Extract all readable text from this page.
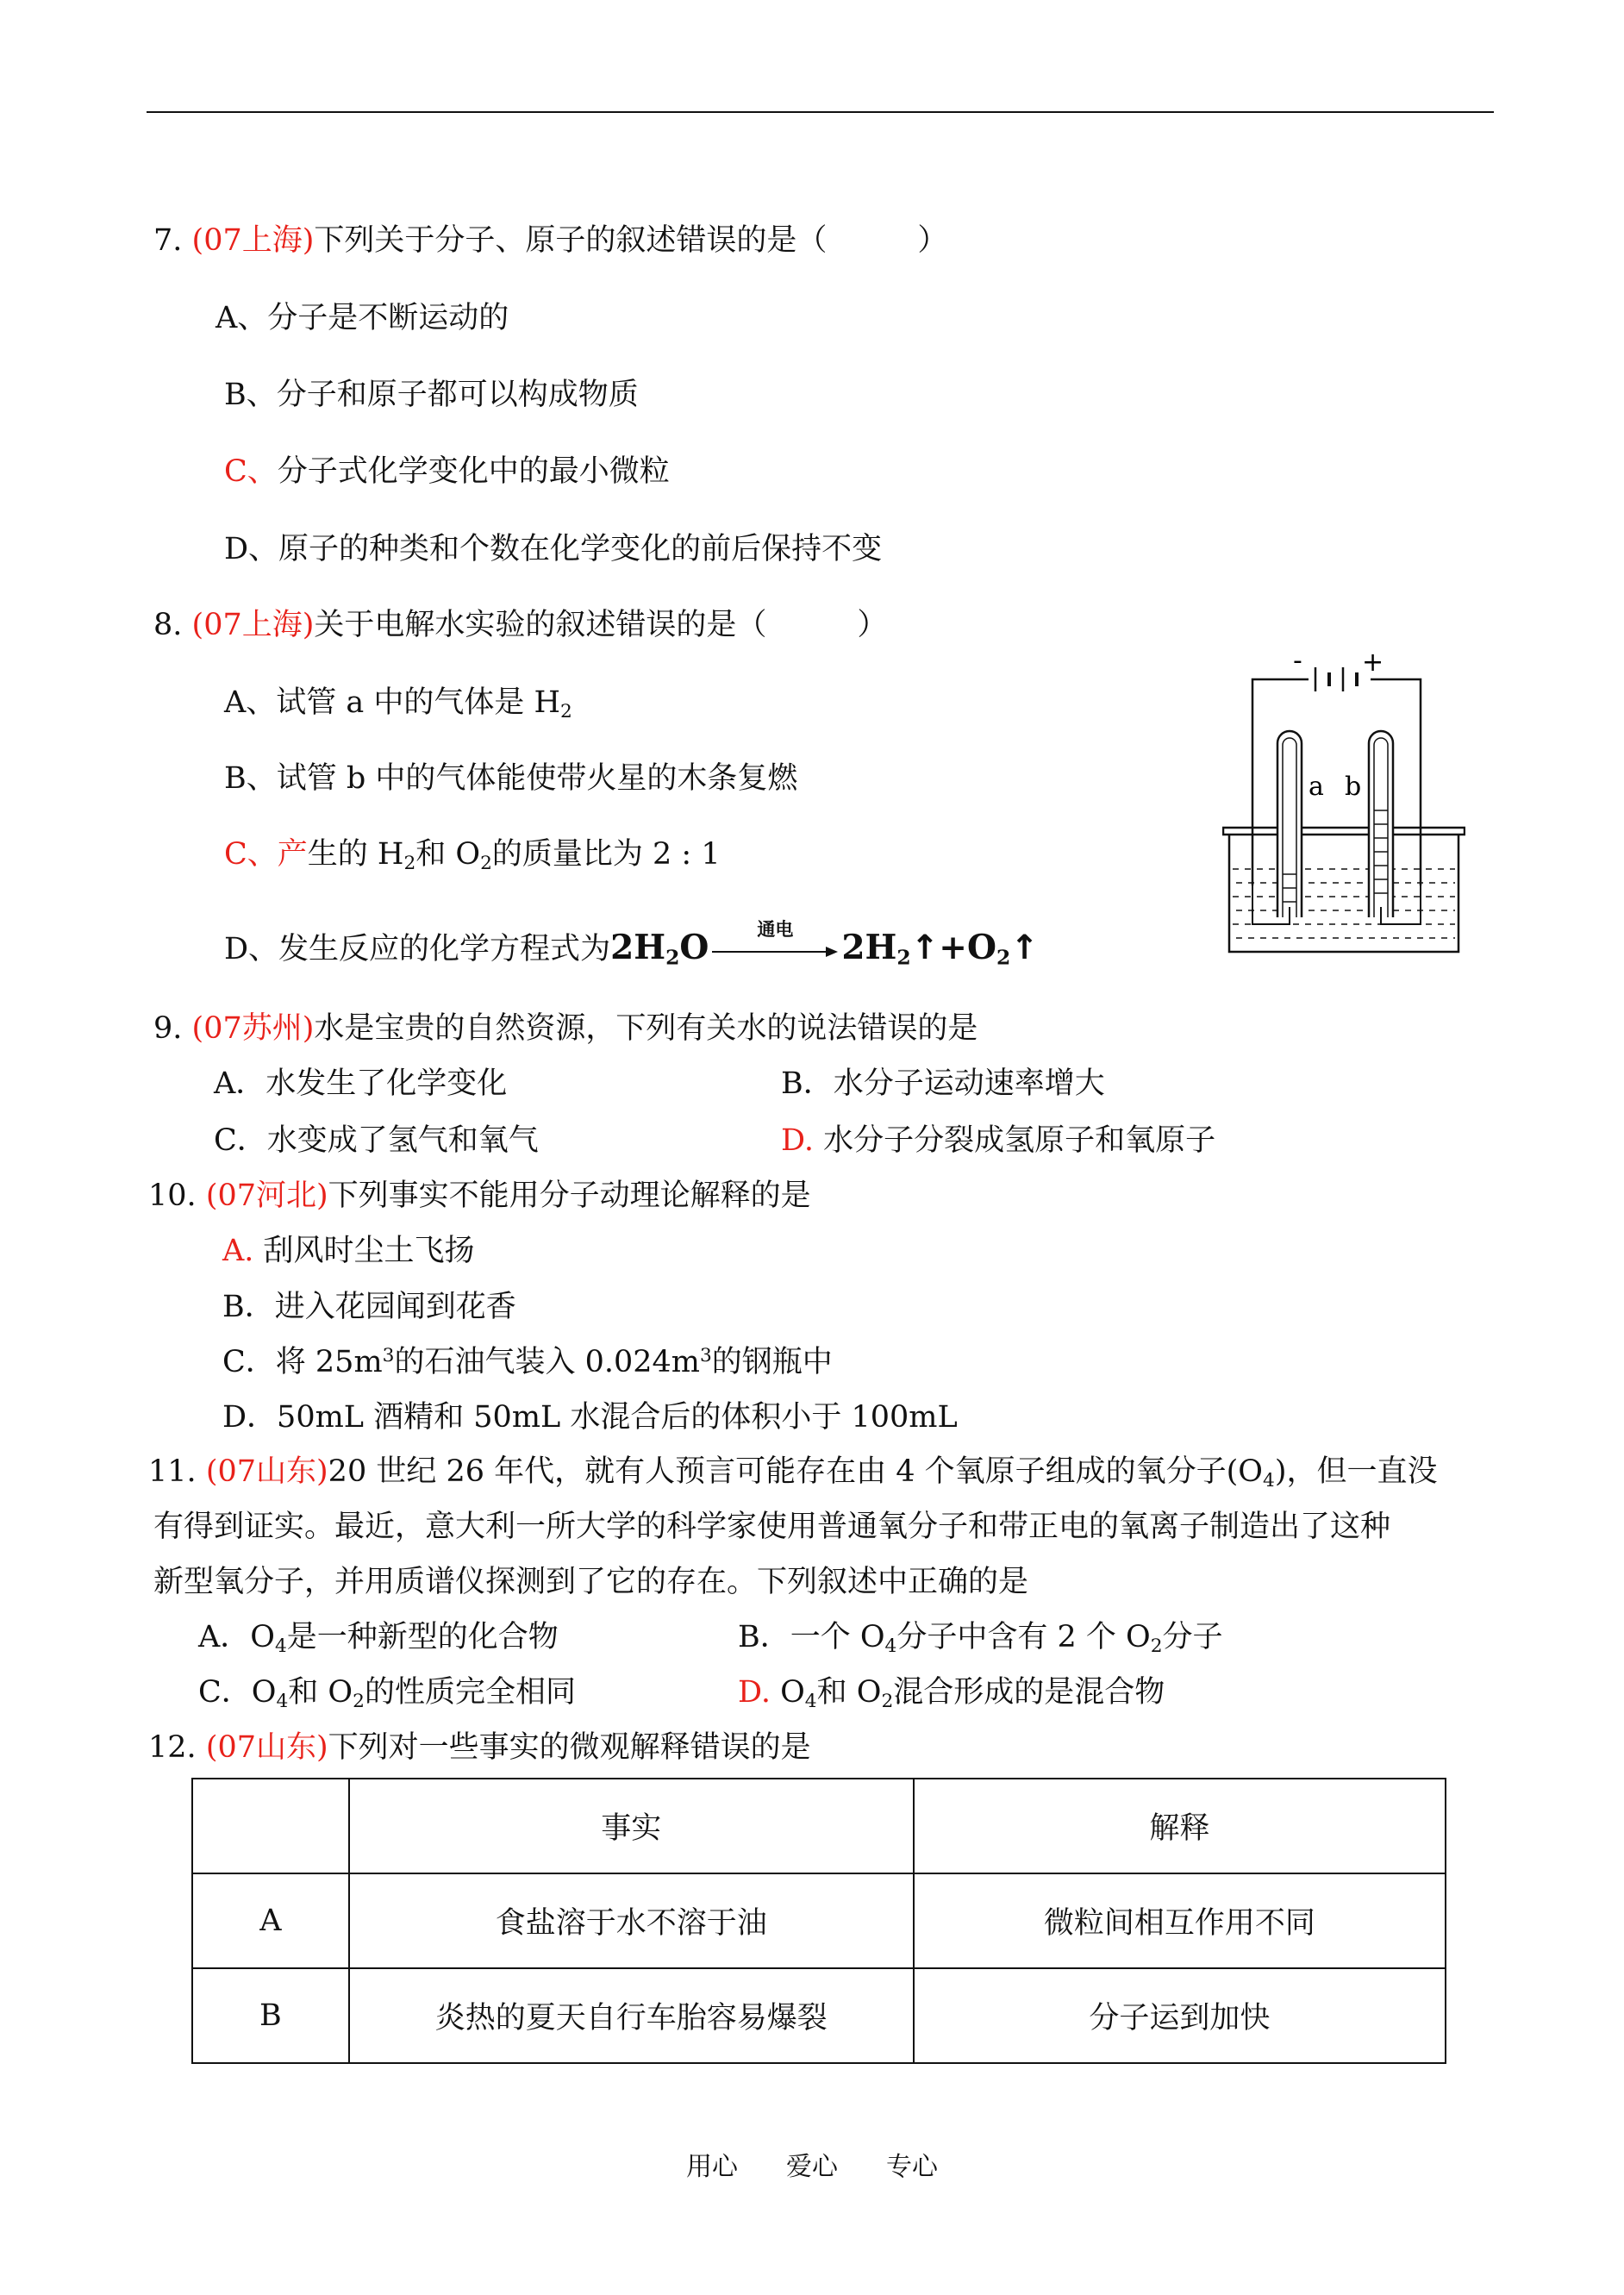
7. (07上海)下列关于分子、原子的叙述错误的是（　　　）
A、分子是不断运动的
B、分子和原子都可以构成物质
C、分子式化学变化中的最小微粒
D、原子的种类和个数在化学变化的前后保持不变
8. (07上海)关于电解水实验的叙述错误的是（　　　）
A、试管 a 中的气体是 $H_2$
B、试管 b 中的气体能使带火星的木条复燃
C、产生的 $H_2$和 $O_2$的质量比为 2 : 1
D、发生反应的化学方程式为$2H_2O$	通电	$2H_2↑+O_2↑$
- +
a b
9. (07苏州)水是宝贵的自然资源，下列有关水的说法错误的是
A．水发生了化学变化	B．水分子运动速率增大
C．水变成了氢气和氧气	D. 水分子分裂成氢原子和氧原子
10. (07河北)下列事实不能用分子动理论解释的是
A. 刮风时尘土飞扬
B．进入花园闻到花香
C．将 $25m^3$的石油气装入 $0.024m^3$的钢瓶中
D．50mL 酒精和 50mL 水混合后的体积小于 100mL
11. (07山东)20 世纪 26 年代，就有人预言可能存在由 4 个氧原子组成的氧分子$(O_4)$，但一直没
有得到证实。最近，意大利一所大学的科学家使用普通氧分子和带正电的氧离子制造出了这种
新型氧分子，并用质谱仪探测到了它的存在。下列叙述中正确的是
A．$O_4$是一种新型的化合物	B．一个 $O_4$分子中含有 2 个 $O_2$分子
C．$O_4$和 $O_2$的性质完全相同	D. $O_4$和 $O_2$混合形成的是混合物
12. (07山东)下列对一些事实的微观解释错误的是
	事实	解释
A	食盐溶于水不溶于油	微粒间相互作用不同
B	炎热的夏天自行车胎容易爆裂	分子运到加快
用心 爱心 专心
